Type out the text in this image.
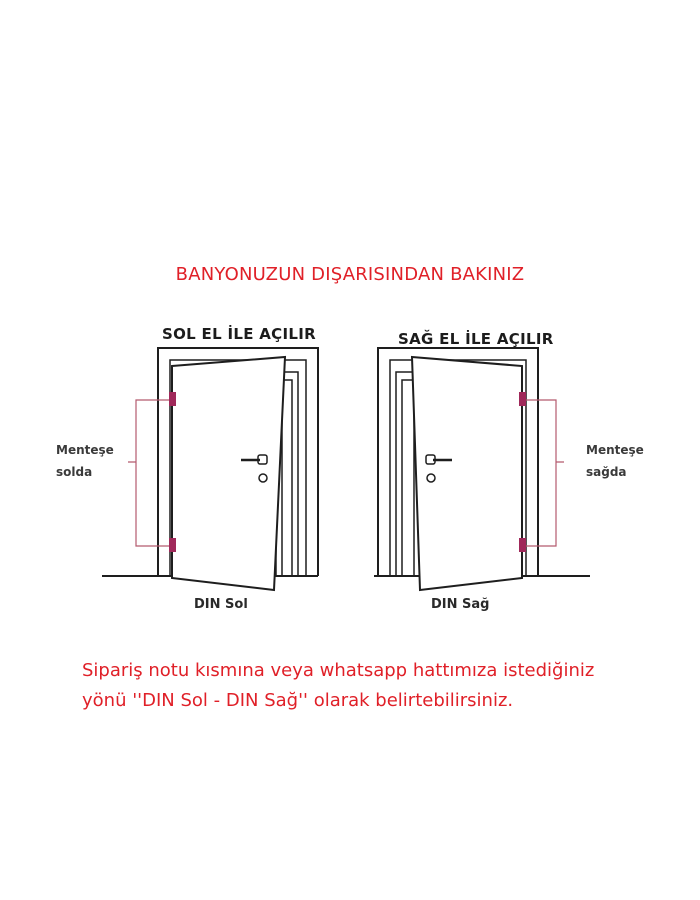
BANYONUZUN DIŞARISINDAN BAKINIZ
SOL EL İLE AÇILIR	SAĞ EL İLE AÇILIR
Menteşe
solda
Menteşe
sağda
DIN Sol	DIN Sağ
Sipariş notu kısmına veya whatsapp hattımıza istediğiniz
yönü ''DIN Sol - DIN Sağ'' olarak belirtebilirsiniz.
